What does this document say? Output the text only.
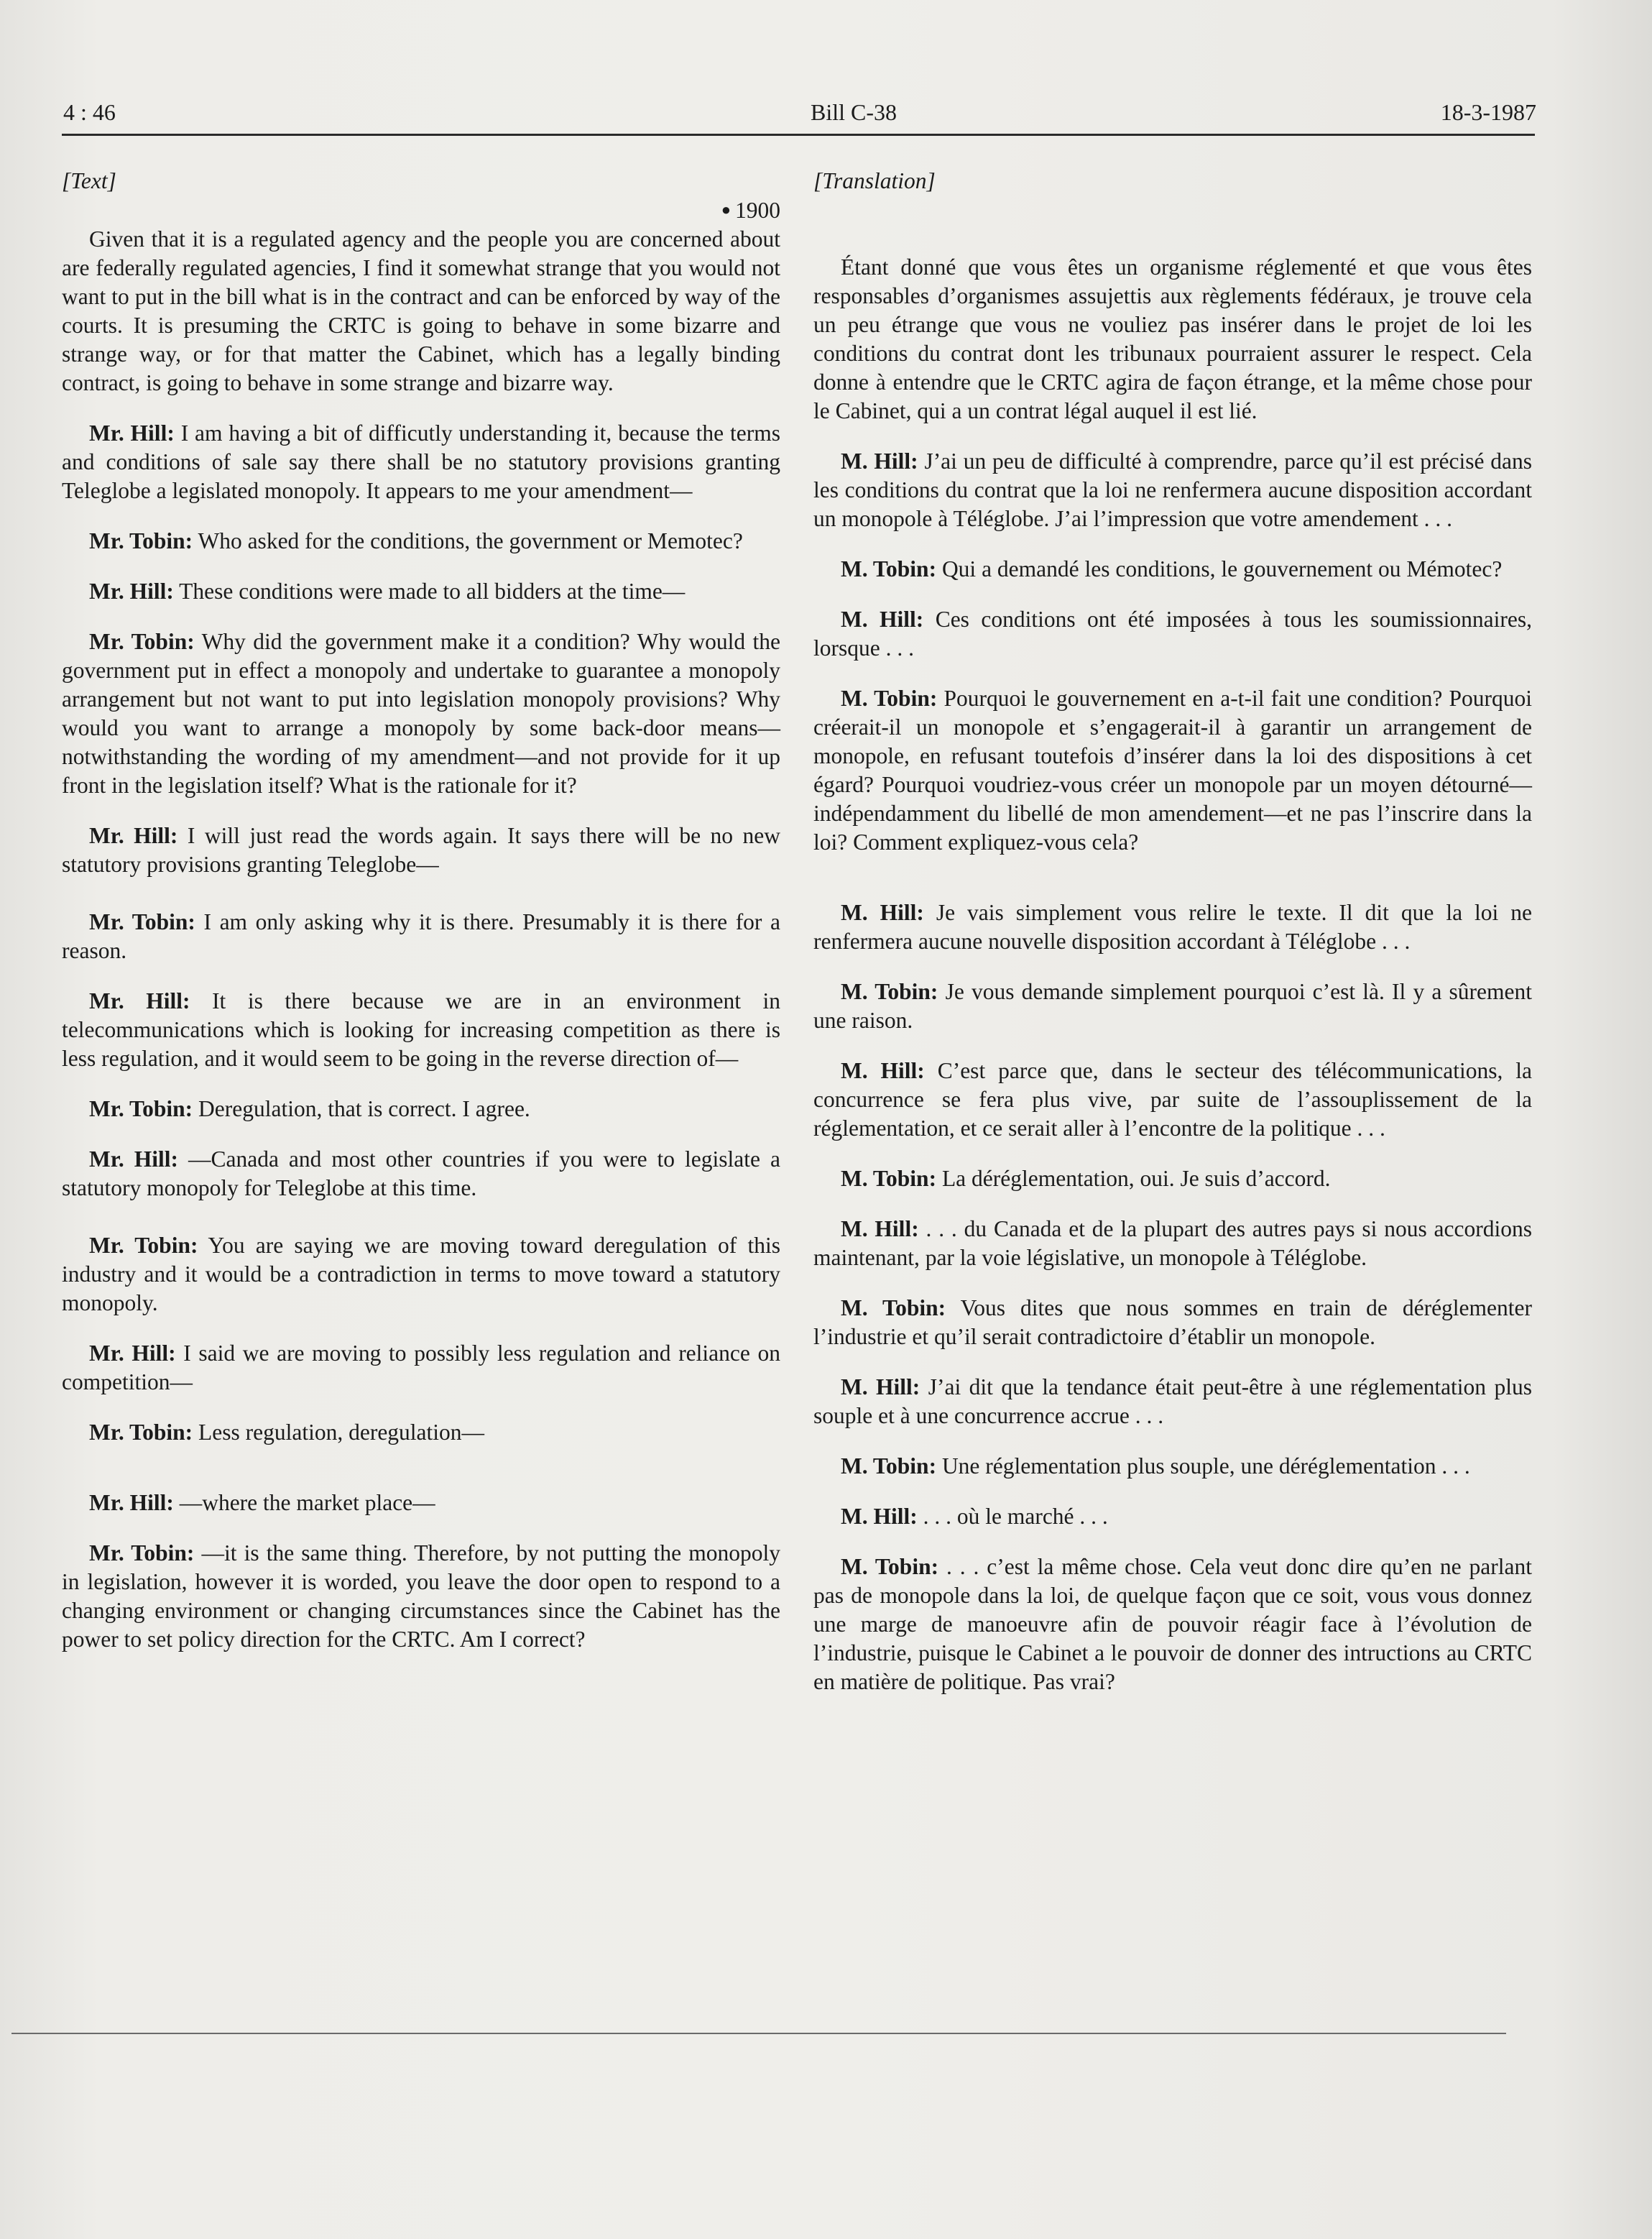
4 : 46	Bill C-38	18-3-1987

[Text]

● 1900

Given that it is a regulated agency and the people you are concerned about are federally regulated agencies, I find it somewhat strange that you would not want to put in the bill what is in the contract and can be enforced by way of the courts. It is presuming the CRTC is going to behave in some bizarre and strange way, or for that matter the Cabinet, which has a legally binding contract, is going to behave in some strange and bizarre way.

Mr. Hill: I am having a bit of difficutly understanding it, because the terms and conditions of sale say there shall be no statutory provisions granting Teleglobe a legislated monopoly. It appears to me your amendment—

Mr. Tobin: Who asked for the conditions, the government or Memotec?

Mr. Hill: These conditions were made to all bidders at the time—

Mr. Tobin: Why did the government make it a condition? Why would the government put in effect a monopoly and undertake to guarantee a monopoly arrangement but not want to put into legislation monopoly provisions? Why would you want to arrange a monopoly by some back-door means—notwithstanding the wording of my amendment—and not provide for it up front in the legislation itself? What is the rationale for it?

Mr. Hill: I will just read the words again. It says there will be no new statutory provisions granting Teleglobe—

Mr. Tobin: I am only asking why it is there. Presumably it is there for a reason.

Mr. Hill: It is there because we are in an environment in telecommunications which is looking for increasing competition as there is less regulation, and it would seem to be going in the reverse direction of—

Mr. Tobin: Deregulation, that is correct. I agree.

Mr. Hill: —Canada and most other countries if you were to legislate a statutory monopoly for Teleglobe at this time.

Mr. Tobin: You are saying we are moving toward deregulation of this industry and it would be a contradiction in terms to move toward a statutory monopoly.

Mr. Hill: I said we are moving to possibly less regulation and reliance on competition—

Mr. Tobin: Less regulation, deregulation—

Mr. Hill: —where the market place—

Mr. Tobin: —it is the same thing. Therefore, by not putting the monopoly in legislation, however it is worded, you leave the door open to respond to a changing environment or changing circumstances since the Cabinet has the power to set policy direction for the CRTC. Am I correct?

[Translation]

Étant donné que vous êtes un organisme réglementé et que vous êtes responsables d’organismes assujettis aux règlements fédéraux, je trouve cela un peu étrange que vous ne vouliez pas insérer dans le projet de loi les conditions du contrat dont les tribunaux pourraient assurer le respect. Cela donne à entendre que le CRTC agira de façon étrange, et la même chose pour le Cabinet, qui a un contrat légal auquel il est lié.

M. Hill: J’ai un peu de difficulté à comprendre, parce qu’il est précisé dans les conditions du contrat que la loi ne renfermera aucune disposition accordant un monopole à Téléglobe. J’ai l’impression que votre amendement . . .

M. Tobin: Qui a demandé les conditions, le gouvernement ou Mémotec?

M. Hill: Ces conditions ont été imposées à tous les soumissionnaires, lorsque . . .

M. Tobin: Pourquoi le gouvernement en a-t-il fait une condition? Pourquoi créerait-il un monopole et s’engagerait-il à garantir un arrangement de monopole, en refusant toutefois d’insérer dans la loi des dispositions à cet égard? Pourquoi voudriez-vous créer un monopole par un moyen détourné—indépendamment du libellé de mon amendement—et ne pas l’inscrire dans la loi? Comment expliquez-vous cela?

M. Hill: Je vais simplement vous relire le texte. Il dit que la loi ne renfermera aucune nouvelle disposition accordant à Téléglobe . . .

M. Tobin: Je vous demande simplement pourquoi c’est là. Il y a sûrement une raison.

M. Hill: C’est parce que, dans le secteur des télécommunications, la concurrence se fera plus vive, par suite de l’assouplissement de la réglementation, et ce serait aller à l’encontre de la politique . . .

M. Tobin: La déréglementation, oui. Je suis d’accord.

M. Hill: . . . du Canada et de la plupart des autres pays si nous accordions maintenant, par la voie législative, un monopole à Téléglobe.

M. Tobin: Vous dites que nous sommes en train de déréglementer l’industrie et qu’il serait contradictoire d’établir un monopole.

M. Hill: J’ai dit que la tendance était peut-être à une réglementation plus souple et à une concurrence accrue . . .

M. Tobin: Une réglementation plus souple, une déréglementation . . .

M. Hill: . . . où le marché . . .

M. Tobin: . . . c’est la même chose. Cela veut donc dire qu’en ne parlant pas de monopole dans la loi, de quelque façon que ce soit, vous vous donnez une marge de manoeuvre afin de pouvoir réagir face à l’évolution de l’industrie, puisque le Cabinet a le pouvoir de donner des intructions au CRTC en matière de politique. Pas vrai?
